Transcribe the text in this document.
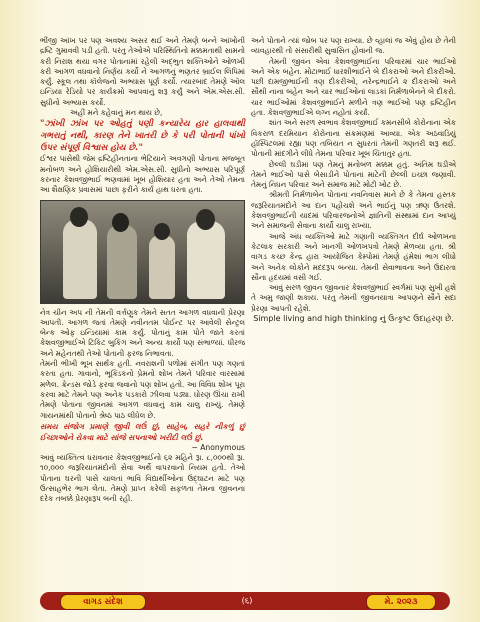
ભીંજી આંખ પર પણ અવશ્ય અસર થઈ અને તેમણે બન્ને આંખોની દ્રષ્ટિ ગુમાવવી પડી હતી. પરંતુ તેઓએ પરિસ્થિતિનો મક્કમતાથી સામનો કરી નિરાશ થયા વગર પોતાનામાં રહેલી અદ્ભુત શક્તિઓને ઓળખી કરી આગળ વધવાનો નિર્ણય કર્યો ને આગળનું ભણતર બ્રાઈલ લિપિમાં કર્યું. સ્કૂલ તથા કૉલેજનો અભ્યાસ પૂર્ણ કર્યો. ત્યારબાદ તેમણે ઑલ ઇન્ડિયા રેડિયો પર કાર્યક્રમો આપવાનું શરૂ કર્યું અને એમ.એસ.સી. સુધીનો અભ્યાસ કર્યો.

અહીં મને કહેવાનું મન થાય છે,

"ઝાંખી ઝાંખ પર ઓહતું પણી કન્યારેય હાર હાલવાથી ગભરાતું નથી, કારણ તેને ખાતરી છે કે પરી પોતાની પાંખો ઉપર સંપૂર્ણ વિશ્વાસ હોય છે."

ઈશ્વર પાસેથી જેમ દ્રષ્ટિહીનતાના ભેટિયાને અવગણી પોતાના મજબૂત મનોબળ અને હોશિયારીથી એમ.એસ.સી. સુધીનો અભ્યાસ પરિપૂર્ણ કરનાર કેશવજીભાઈ ભણવામાં ખૂબ હોશિયાર હતા અને તેઓ તેમના આ શૈક્ષણિક પ્રવાસમાં પાછા ફરીને કાર્ય હાથ ધરતા હતા.

નેત્ર ચીન અપ ની તેમની વર્ત્તણુક તેમને સતત આગળ વધવાની પ્રેરણા આપતી. આગળ જતાં તેમણે નવીનતમ પોઈન્ટ પર આવેલી સેન્ટ્રલ બેન્ક ઓફ ઇન્ડિયામાં કામ કર્યું. પોતાનું કામ પોતે જાતે કરતાં કેશવજીભાઈએ ટિકિટ બુકિંગ અને અન્ય કાર્યો પણ સંભાળ્યાં. ધીરજ અને મહેનતથી તેઓ પોતાની ફરજ નિભાવતા.

તેમની ભીખી ભૂખ સાર્થક હતી. નવરાશની પળોમાં સંગીત પણ ગણતાં કરતા હતા. ગાવાનો, ભૂક્ડિકનો પ્રેમનો શોખ તેમને પરિવાર વારસામાં મળેલ. ક્રેન્ડસ જોડે ફરવા જવાનો પણ શોખ હતો. આ વિવિધ શોખ પૂરા કરવા માટે તેમને પણ અનેક પડકારો ઝીલવા પડ્યા. ધોરણ ઊંચા રાખી તેમણે પોતાના જીવનમાં આગળ વધવાનું કામ ચાલુ રાખ્યું. તેમણે ગાયનમાંથી પોતાનો શ્રેષ્ઠ પાઠ લીધેલ છે.

સમય સંજોગ પ્રમાણે જીવી લઉં છું, સાહેબ, સહરે નીકળું છું ઈચ્છાઓને રોકવા માટે સાંજે સપનાઓ ખરીદી લઉં છું.

~ Anonymous

આવું વ્યક્તિત્વ ધરાવનાર કેશવજીભાઈનો ૬૨ મહિને રૂા. ૮,૦૦૦થી રૂા. ૧૦,૦૦૦ જરૂરિયાતમંદોની સેવા અર્થે વાપરવાનો નિયમ હતો. તેઓ પોતાના ઘરની પાસે ચાલતાં ભાવિ વિદ્યાર્થીઓના ઉદ્ઘાટન માટે પણ ઉત્સાહભેર ભાગ લેતા. તેમણે પ્રાપ્ત કરેલી સફળતા તેમના જીવનના દરેક તબક્કે પ્રેરણારૂપ બની રહી.

અને પોતાને ત્યાં જોબ પર પણ રાખ્યા. છે વ્હાલાં જ એવું હોય છે તેની વ્યવહારથી તો સંસારીથી સુવાસિત હોવાની જ.

તેમની જીવન એવા કેશવજીભાઈના પરિવારમાં ચાર ભાઈઓ અને એક બહેન. મોટાભાઈ ધારશીભાઈને બે દીકરાઓ અને દીકરીઓ. પછી દામજીભાઈની ત્રણ દીકરીઓ, નરેન્દ્રભાઈને ૨ દીકરાઓ અને સૌથી નાના બહેન અને ચાર ભાઈઓનાં લાડકાં નિર્મળાબેનને બે દીકરો. ચાર ભાઈઓમાં કેશવજીભાઈને મળીને ત્રણ ભાઈઓ પણ દ્રષ્ટિહીન હતા. કેશવજીભાઈએ લગ્ન નહોતાં કર્યાં.

શાંત અને સરળ સ્વભાવ કેશવજીભાઈ કમનસીબે કોરોનાના એક વિકરાળ દરમિયાન કોરોનાના સંક્રમણમાં આવ્યા. એક અઠવાડિયું હૉસ્પિટલમાં રહ્યા પણ તબિયત ન સુધરતાં તેમની ગણતરી શરૂ થઈ. પોતાની માંદગીને લીધે તેમના પરિવાર ખૂબ ચિંતાતુર હતા.

છેલ્લી ઘડીમાં પણ તેમનું મનોબળ મક્કમ હતું. અંતિમ ઘડીએ તેમને ભાઈઓ પાસે બેસાડીને પોતાના માટેની છેલ્લી ઇચ્છા જણાવી. તેમનું નિધન પરિવાર અને સમાજ માટે મોટી ખોટ છે.

શ્રીમતી નિર્મળાબેન પોતાના નવનિવાસ માને છે કે તેમના હસ્તક જરૂરિયાતમંદોને આ દાન પહોંચશે અને ભાઈનું પણ ઋણ ઉતરશે. કેશવજીભાઈની યાદમાં પરિવારજનોએ જ્ઞાતિની સંસ્થામાં દાન આપ્યું અને સમાજની સેવાના કાર્યો ચાલુ રાખ્યા.

આજે અંધ વ્યક્તિઓ માટે ગણાતી વ્યક્તિગત દીર્ઘ ઓળખના કેટલાક સરકારી અને ખાનગી ઓળખપત્રો તેમણે મેળવ્યા હતા. શ્રી વાગડ કચ્છ કેન્દ્ર હારા આયોજિત કેમ્પોમાં તેમણે હંમેશાં ભાગ લીધો અને અનેક લોકોને મદદરૂપ બન્યા. તેમની સેવાભાવના અને ઉદારતા સૌના હૃદયમાં વસી ગઈ.

આવું સરળ જીવન જીવનાર કેશવજીભાઈ સ્વર્ગમાં પણ સુખી હશે તે અમુ જાણી શકાય. પરંતુ તેમની જીવનયાત્રા આપણને સૌને સદા પ્રેરણા આપતી રહેશે.

Simple living and high thinking નું ઉત્કૃષ્ટ ઉદાહરણ છે.

વાગડ સંદેશ	(૬)	મે. ૨૦૨૩
